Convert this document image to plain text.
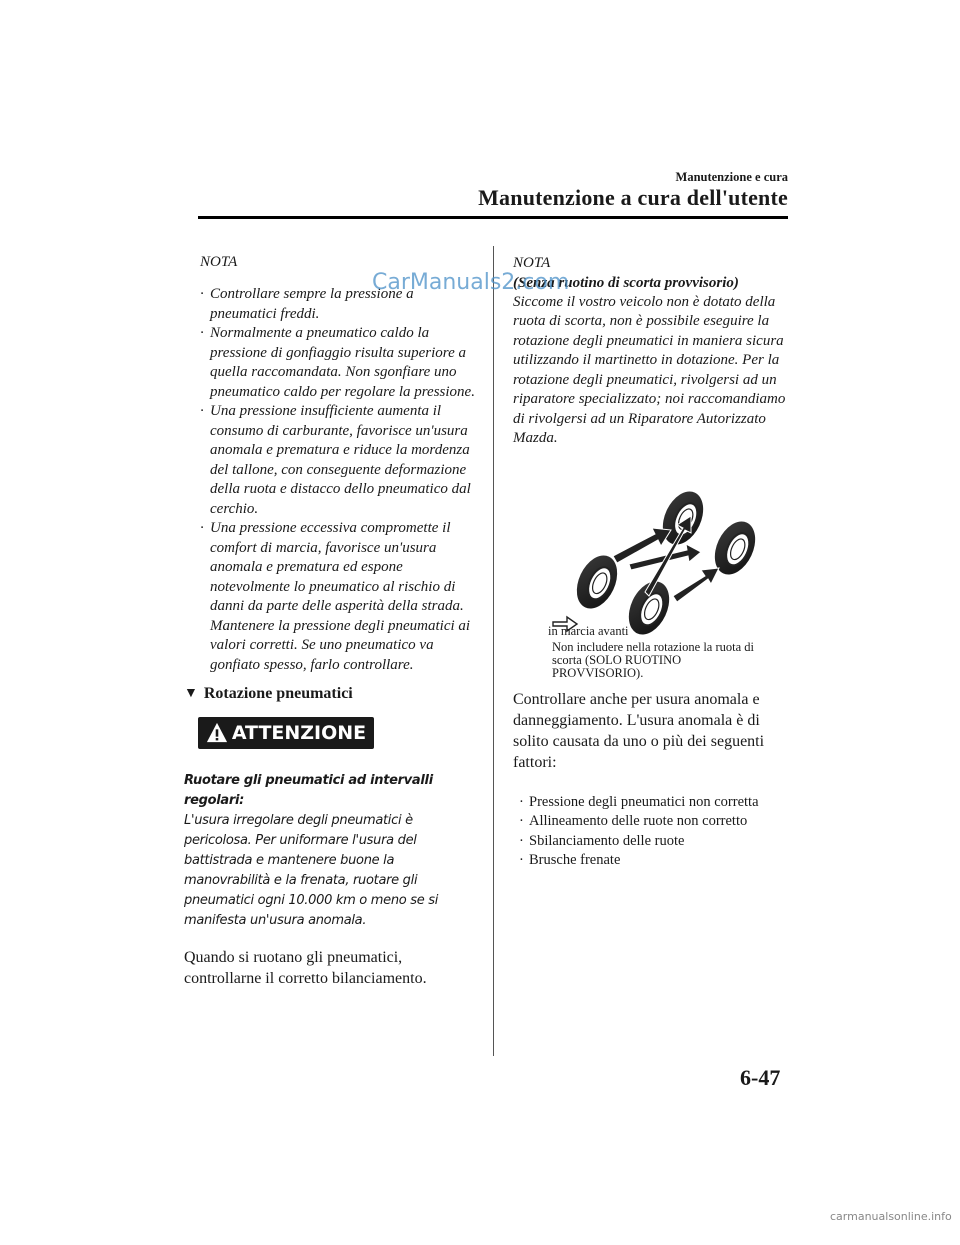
Manutenzione e cura
Manutenzione a cura dell'utente
NOTA
· Controllare sempre la pressione a pneumatici freddi.
· Normalmente a pneumatico caldo la pressione di gonfiaggio risulta superiore a quella raccomandata. Non sgonfiare uno pneumatico caldo per regolare la pressione.
· Una pressione insufficiente aumenta il consumo di carburante, favorisce un'usura anomala e prematura e riduce la mordenza del tallone, con conseguente deformazione della ruota e distacco dello pneumatico dal cerchio.
· Una pressione eccessiva compromette il comfort di marcia, favorisce un'usura anomala e prematura ed espone notevolmente lo pneumatico al rischio di danni da parte delle asperità della strada.
Mantenere la pressione degli pneumatici ai valori corretti. Se uno pneumatico va gonfiato spesso, farlo controllare.
▼ Rotazione pneumatici
ATTENZIONE
Ruotare gli pneumatici ad intervalli regolari:
L'usura irregolare degli pneumatici è pericolosa. Per uniformare l'usura del battistrada e mantenere buone la manovrabilità e la frenata, ruotare gli pneumatici ogni 10.000 km o meno se si manifesta un'usura anomala.
Quando si ruotano gli pneumatici, controllarne il corretto bilanciamento.
NOTA
(Senza ruotino di scorta provvisorio)
Siccome il vostro veicolo non è dotato della ruota di scorta, non è possibile eseguire la rotazione degli pneumatici in maniera sicura utilizzando il martinetto in dotazione. Per la rotazione degli pneumatici, rivolgersi ad un riparatore specializzato; noi raccomandiamo di rivolgersi ad un Riparatore Autorizzato Mazda.
in marcia avanti
Non includere nella rotazione la ruota di scorta (SOLO RUOTINO PROVVISORIO).
Controllare anche per usura anomala e danneggiamento. L'usura anomala è di solito causata da uno o più dei seguenti fattori:
· Pressione degli pneumatici non corretta
· Allineamento delle ruote non corretto
· Sbilanciamento delle ruote
· Brusche frenate
CarManuals2.com
6-47
carmanualsonline.info
